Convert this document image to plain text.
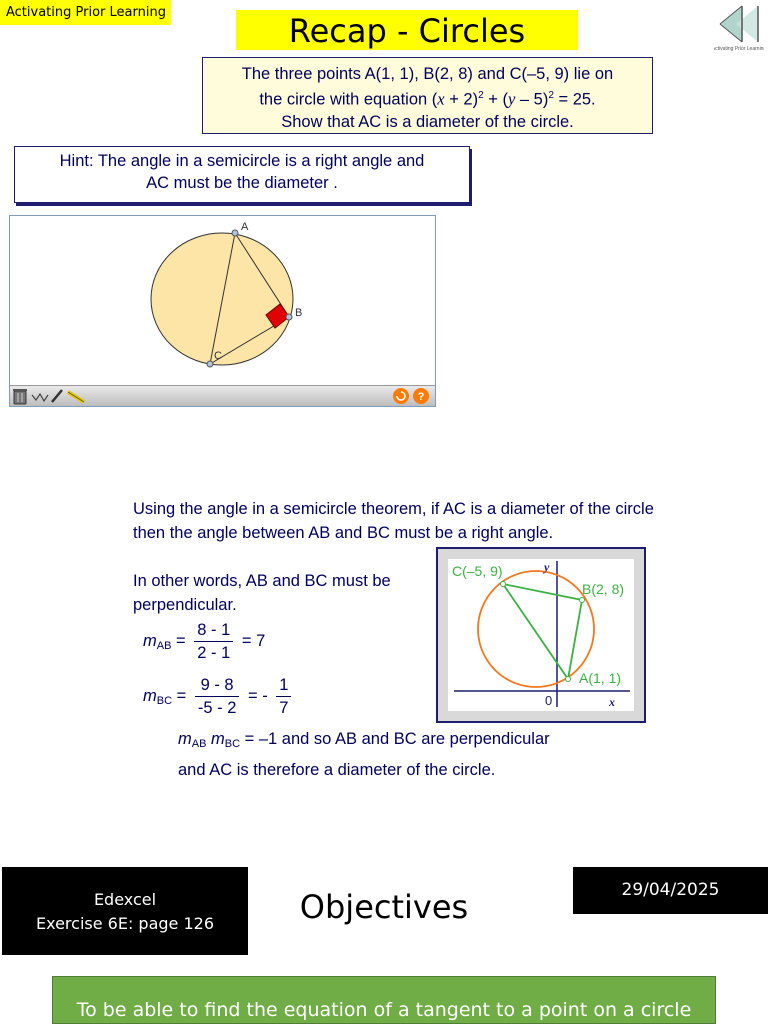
Activating Prior Learning	Recap - Circles	Activating Prior Learning
The three points A(1, 1), B(2, 8) and C(–5, 9) lie on
the circle with equation $(x + 2)^2 + (y - 5)^2 = 25$.
Show that AC is a diameter of the circle.
Hint: The angle in a semicircle is a right angle and
AC must be the diameter .
A
B
C
?
Using the angle in a semicircle theorem, if AC is a diameter of the circle then the angle between AB and BC must be a right angle.
In other words, AB and BC must be perpendicular.
$m_{AB} = \frac{8 - 1}{2 - 1} = 7$
$m_{BC} = \frac{9 - 8}{-5 - 2}$ = - $\frac{1}{7}$
$m_{AB}$ $m_{BC} = -1$ and so AB and BC are perpendicular
and AC is therefore a diameter of the circle.
C(–5, 9)
B(2, 8)
A(1, 1)
y
x
0
Edexcel
Exercise 6E: page 126	Objectives	29/04/2025
To be able to find the equation of a tangent to a point on a circle
